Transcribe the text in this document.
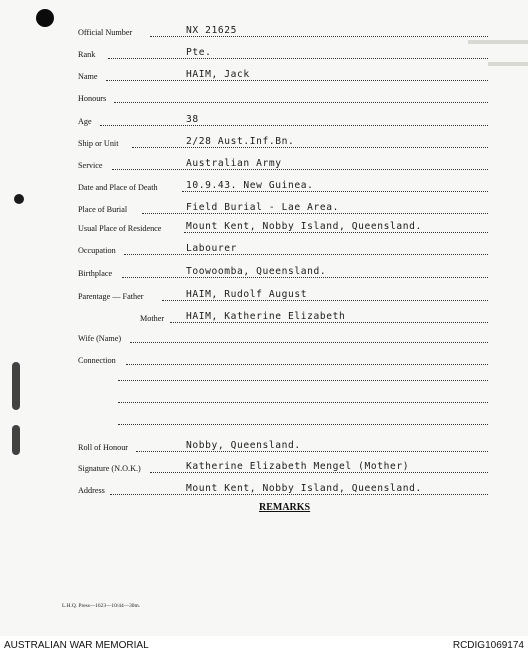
Official Number	NX 21625
Rank	Pte.
Name	HAIM, Jack
Honours
Age	38
Ship or Unit	2/28 Aust.Inf.Bn.
Service	Australian Army
Date and Place of Death	10.9.43. New Guinea.
Place of Burial	Field Burial - Lae Area.
Usual Place of Residence	Mount Kent, Nobby Island, Queensland.
Occupation	Labourer
Birthplace	Toowoomba, Queensland.
Parentage — Father	HAIM, Rudolf August
Mother HAIM, Katherine Elizabeth
Wife (Name)
Connection
Roll of Honour	Nobby, Queensland.
Signature (N.O.K.)	Katherine Elizabeth Mengel (Mother)
Address	Mount Kent, Nobby Island, Queensland.
REMARKS
L.H.Q. Press—1623—10/44—30m.
AUSTRALIAN WAR MEMORIAL	RCDIG1069174
